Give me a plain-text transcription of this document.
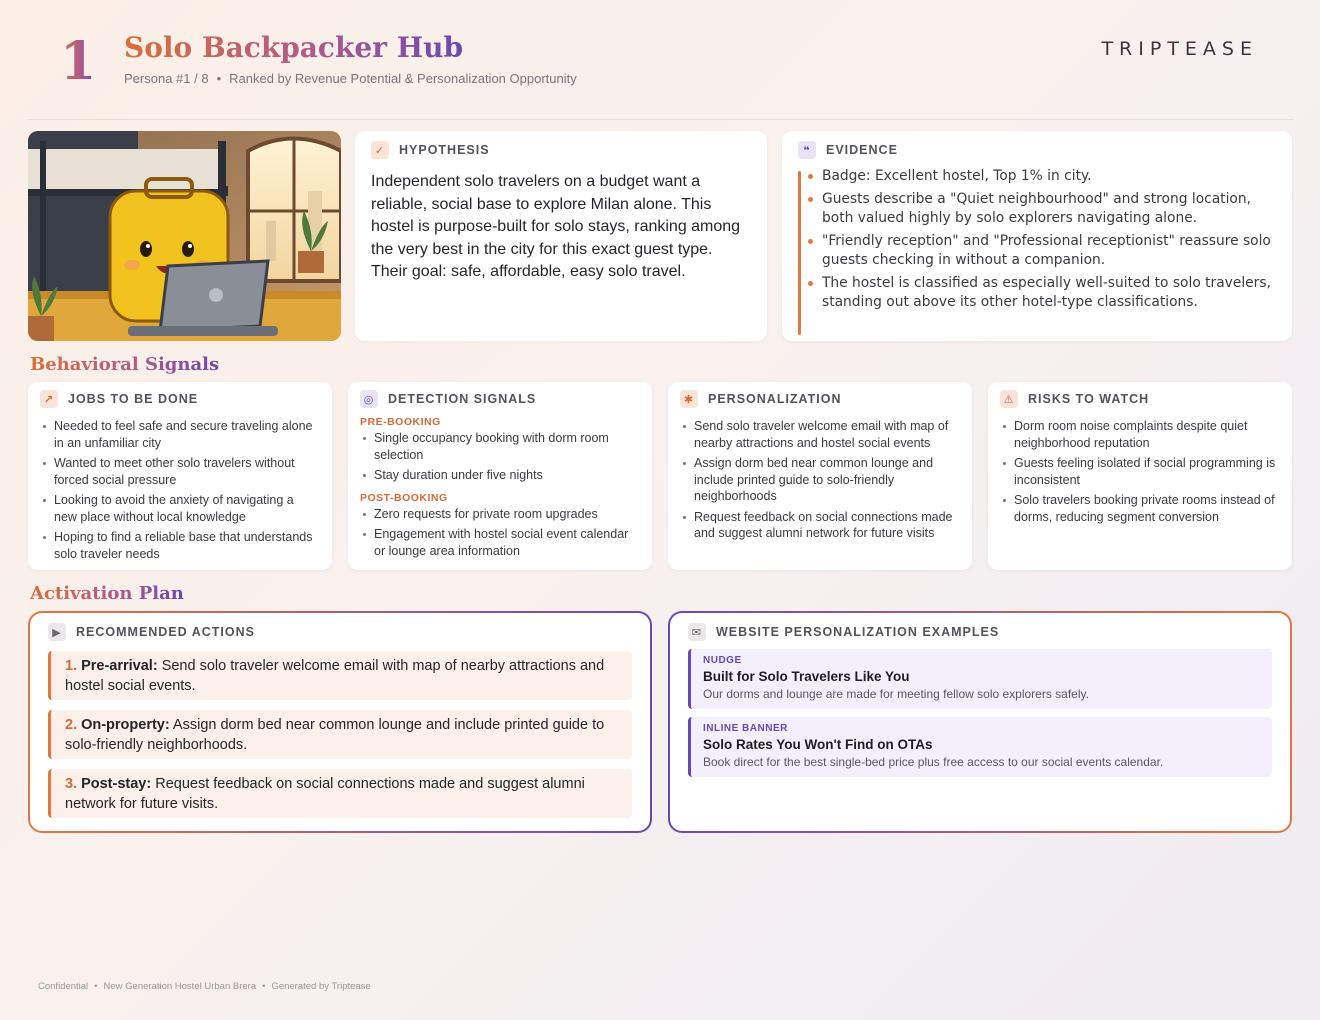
1 Solo Backpacker Hub
Persona #1 / 8 • Ranked by Revenue Potential & Personalization Opportunity
TRIPTEASE
✓	HYPOTHESIS

Independent solo travelers on a budget want a reliable, social base to explore Milan alone. This hostel is purpose-built for solo stays, ranking among the very best in the city for this exact guest type. Their goal: safe, affordable, easy solo travel.

❝	EVIDENCE
Badge: Excellent hostel, Top 1% in city.
Guests describe a "Quiet neighbourhood" and strong location, both valued highly by solo explorers navigating alone.
"Friendly reception" and "Professional receptionist" reassure solo guests checking in without a companion.
The hostel is classified as especially well-suited to solo travelers, standing out above its other hotel-type classifications.
Behavioral Signals
↗	JOBS TO BE DONE
Needed to feel safe and secure traveling alone in an unfamiliar city
Wanted to meet other solo travelers without forced social pressure
Looking to avoid the anxiety of navigating a new place without local knowledge
Hoping to find a reliable base that understands solo traveler needs
◎ DETECTION SIGNALS
PRE-BOOKING
Single occupancy booking with dorm room selection
Stay duration under five nights
POST-BOOKING
Zero requests for private room upgrades
Engagement with hostel social event calendar or lounge area information
✱	PERSONALIZATION
Send solo traveler welcome email with map of nearby attractions and hostel social events
Assign dorm bed near common lounge and include printed guide to solo-friendly neighborhoods
Request feedback on social connections made and suggest alumni network for future visits
⚠ RISKS TO WATCH
Dorm room noise complaints despite quiet neighborhood reputation
Guests feeling isolated if social programming is inconsistent
Solo travelers booking private rooms instead of dorms, reducing segment conversion
Activation Plan
▶	RECOMMENDED ACTIONS
1. Pre-arrival: Send solo traveler welcome email with map of nearby attractions and hostel social events.
2. On-property: Assign dorm bed near common lounge and include printed guide to solo-friendly neighborhoods.
3. Post-stay: Request feedback on social connections made and suggest alumni network for future visits.
✉	WEBSITE PERSONALIZATION EXAMPLES
NUDGE
Built for Solo Travelers Like You
Our dorms and lounge are made for meeting fellow solo explorers safely.
INLINE BANNER
Solo Rates You Won't Find on OTAs
Book direct for the best single-bed price plus free access to our social events calendar.
Confidential • New Generation Hostel Urban Brera • Generated by Triptease
